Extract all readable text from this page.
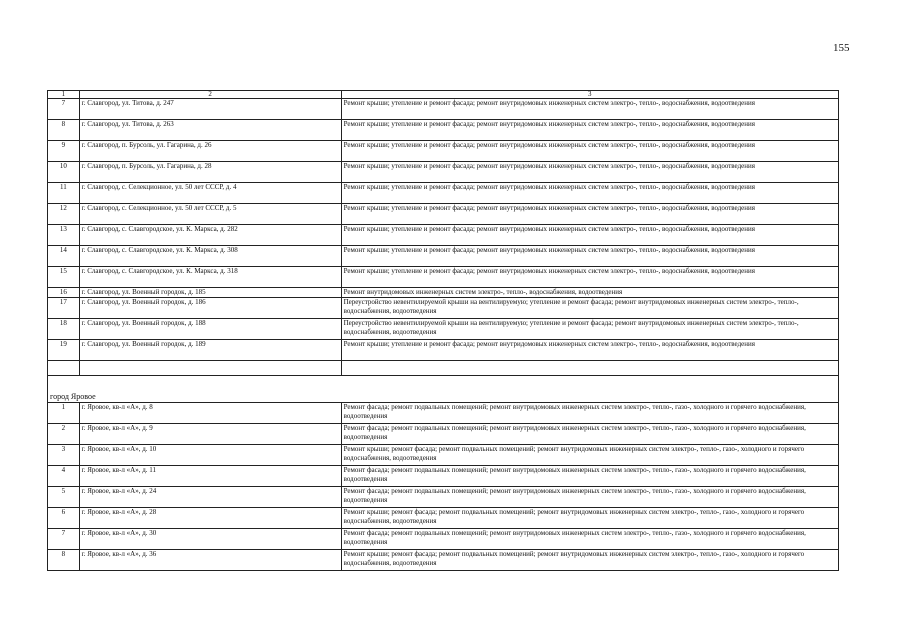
155
1	2	3
7	г. Славгород, ул. Титова, д. 247	Ремонт крыши; утепление и ремонт фасада; ремонт внутридомовых инженерных систем электро-, тепло-, водоснабжения, водоотведения
8	г. Славгород, ул. Титова, д. 263	Ремонт крыши; утепление и ремонт фасада; ремонт внутридомовых инженерных систем электро-, тепло-, водоснабжения, водоотведения
9	г. Славгород, п. Бурсоль, ул. Гагарина, д. 26	Ремонт крыши; утепление и ремонт фасада; ремонт внутридомовых инженерных систем электро-, тепло-, водоснабжения, водоотведения
10	г. Славгород, п. Бурсоль, ул. Гагарина, д. 28	Ремонт крыши; утепление и ремонт фасада; ремонт внутридомовых инженерных систем электро-, тепло-, водоснабжения, водоотведения
11	г. Славгород, с. Селекционное, ул. 50 лет СССР, д. 4	Ремонт крыши; утепление и ремонт фасада; ремонт внутридомовых инженерных систем электро-, тепло-, водоснабжения, водоотведения
12	г. Славгород, с. Селекционное, ул. 50 лет СССР, д. 5	Ремонт крыши; утепление и ремонт фасада; ремонт внутридомовых инженерных систем электро-, тепло-, водоснабжения, водоотведения
13	г. Славгород, с. Славгородское, ул. К. Маркса, д. 282	Ремонт крыши; утепление и ремонт фасада; ремонт внутридомовых инженерных систем электро-, тепло-, водоснабжения, водоотведения
14	г. Славгород, с. Славгородское, ул. К. Маркса, д. 308	Ремонт крыши; утепление и ремонт фасада; ремонт внутридомовых инженерных систем электро-, тепло-, водоснабжения, водоотведения
15	г. Славгород, с. Славгородское, ул. К. Маркса, д. 318	Ремонт крыши; утепление и ремонт фасада; ремонт внутридомовых инженерных систем электро-, тепло-, водоснабжения, водоотведения
16	г. Славгород, ул. Военный городок, д. 185	Ремонт внутридомовых инженерных систем электро-, тепло-, водоснабжения, водоотведения
17	г. Славгород, ул. Военный городок, д. 186	Переустройство невентилируемой крыши на вентилируемую; утепление и ремонт фасада; ремонт внутридомовых инженерных систем электро-, тепло-, водоснабжения, водоотведения
18	г. Славгород, ул. Военный городок, д. 188	Переустройство невентилируемой крыши на вентилируемую; утепление и ремонт фасада; ремонт внутридомовых инженерных систем электро-, тепло-, водоснабжения, водоотведения
19	г. Славгород, ул. Военный городок, д. 189	Ремонт крыши; утепление и ремонт фасада; ремонт внутридомовых инженерных систем электро-, тепло-, водоснабжения, водоотведения

город Яровое		
1	г. Яровое, кв-л «А», д. 8	Ремонт фасада; ремонт подвальных помещений; ремонт внутридомовых инженерных систем электро-, тепло-, газо-, холодного и горячего водоснабжения, водоотведения
2	г. Яровое, кв-л «А», д. 9	Ремонт фасада; ремонт подвальных помещений; ремонт внутридомовых инженерных систем электро-, тепло-, газо-, холодного и горячего водоснабжения, водоотведения
3	г. Яровое, кв-л «А», д. 10	Ремонт крыши; ремонт фасада; ремонт подвальных помещений; ремонт внутридомовых инженерных систем электро-, тепло-, газо-, холодного и горячего водоснабжения, водоотведения
4	г. Яровое, кв-л «А», д. 11	Ремонт фасада; ремонт подвальных помещений; ремонт внутридомовых инженерных систем электро-, тепло-, газо-, холодного и горячего водоснабжения, водоотведения
5	г. Яровое, кв-л «А», д. 24	Ремонт фасада; ремонт подвальных помещений; ремонт внутридомовых инженерных систем электро-, тепло-, газо-, холодного и горячего водоснабжения, водоотведения
6	г. Яровое, кв-л «А», д. 28	Ремонт крыши; ремонт фасада; ремонт подвальных помещений; ремонт внутридомовых инженерных систем электро-, тепло-, газо-, холодного и горячего водоснабжения, водоотведения
7	г. Яровое, кв-л «А», д. 30	Ремонт фасада; ремонт подвальных помещений; ремонт внутридомовых инженерных систем электро-, тепло-, газо-, холодного и горячего водоснабжения, водоотведения
8	г. Яровое, кв-л «А», д. 36	Ремонт крыши; ремонт фасада; ремонт подвальных помещений; ремонт внутридомовых инженерных систем электро-, тепло-, газо-, холодного и горячего водоснабжения, водоотведения
